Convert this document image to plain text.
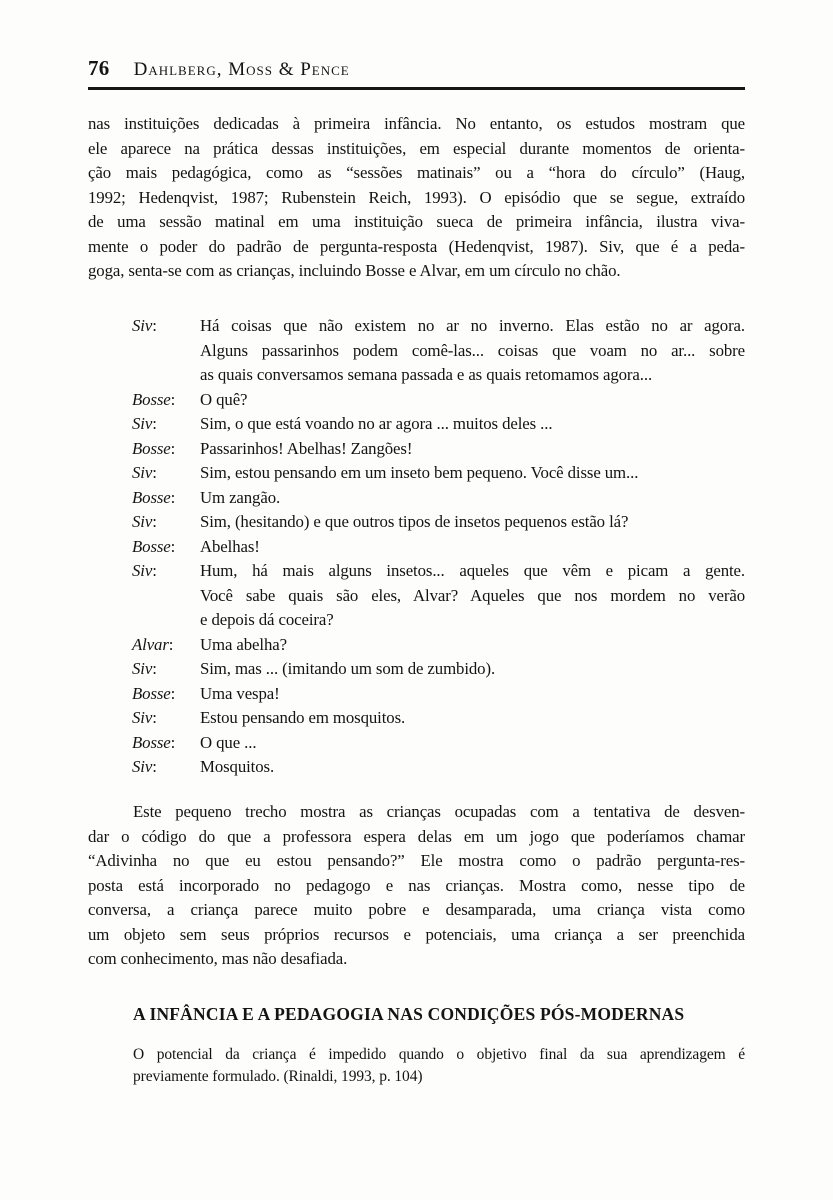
76 Dahlberg, Moss & Pence
nas instituições dedicadas à primeira infância. No entanto, os estudos mostram que
ele aparece na prática dessas instituições, em especial durante momentos de orienta-
ção mais pedagógica, como as “sessões matinais” ou a “hora do círculo” (Haug,
1992; Hedenqvist, 1987; Rubenstein Reich, 1993). O episódio que se segue, extraído
de uma sessão matinal em uma instituição sueca de primeira infância, ilustra viva-
mente o poder do padrão de pergunta-resposta (Hedenqvist, 1987). Siv, que é a peda-
goga, senta-se com as crianças, incluindo Bosse e Alvar, em um círculo no chão.
Siv:	Há coisas que não existem no ar no inverno. Elas estão no ar agora.
Alguns passarinhos podem comê-las... coisas que voam no ar... sobre
as quais conversamos semana passada e as quais retomamos agora...
Bosse:	O quê?
Siv:	Sim, o que está voando no ar agora ... muitos deles ...
Bosse:	Passarinhos! Abelhas! Zangões!
Siv:	Sim, estou pensando em um inseto bem pequeno. Você disse um...
Bosse:	Um zangão.
Siv:	Sim, (hesitando) e que outros tipos de insetos pequenos estão lá?
Bosse:	Abelhas!
Siv:	Hum, há mais alguns insetos... aqueles que vêm e picam a gente.
Você sabe quais são eles, Alvar? Aqueles que nos mordem no verão
e depois dá coceira?
Alvar:	Uma abelha?
Siv:	Sim, mas ... (imitando um som de zumbido).
Bosse:	Uma vespa!
Siv:	Estou pensando em mosquitos.
Bosse:	O que ...
Siv:	Mosquitos.
Este pequeno trecho mostra as crianças ocupadas com a tentativa de desven-
dar o código do que a professora espera delas em um jogo que poderíamos chamar
“Adivinha no que eu estou pensando?” Ele mostra como o padrão pergunta-res-
posta está incorporado no pedagogo e nas crianças. Mostra como, nesse tipo de
conversa, a criança parece muito pobre e desamparada, uma criança vista como
um objeto sem seus próprios recursos e potenciais, uma criança a ser preenchida
com conhecimento, mas não desafiada.
A INFÂNCIA E A PEDAGOGIA NAS CONDIÇÕES PÓS-MODERNAS
O potencial da criança é impedido quando o objetivo final da sua aprendizagem é
previamente formulado. (Rinaldi, 1993, p. 104)
